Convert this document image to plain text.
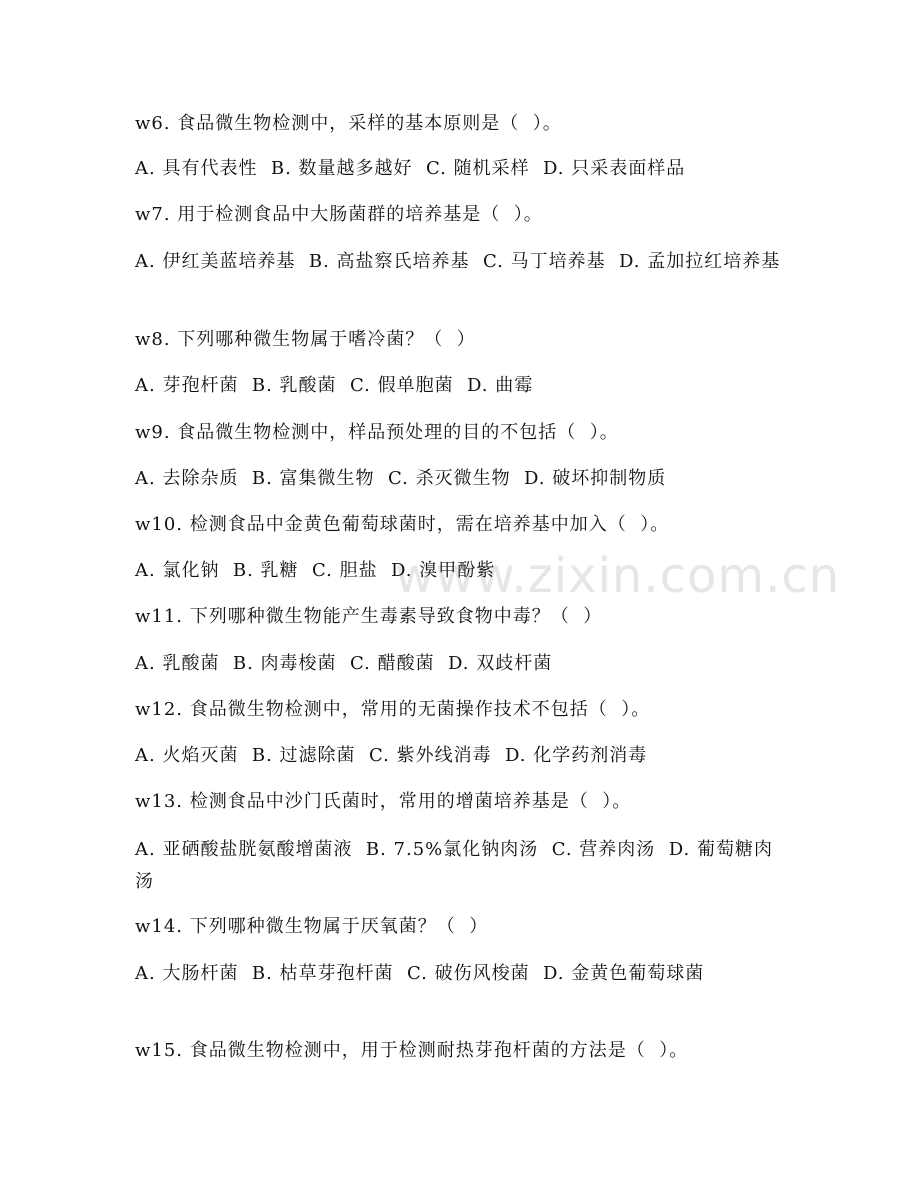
www.zixin.com.cn

w6. 食品微生物检测中，采样的基本原则是（  ）。

A. 具有代表性  B. 数量越多越好  C. 随机采样  D. 只采表面样品

w7. 用于检测食品中大肠菌群的培养基是（  ）。

A. 伊红美蓝培养基  B. 高盐察氏培养基  C. 马丁培养基  D. 孟加拉红培养基

w8. 下列哪种微生物属于嗜冷菌？（  ）

A. 芽孢杆菌  B. 乳酸菌  C. 假单胞菌  D. 曲霉

w9. 食品微生物检测中，样品预处理的目的不包括（  ）。

A. 去除杂质  B. 富集微生物  C. 杀灭微生物  D. 破坏抑制物质

w10. 检测食品中金黄色葡萄球菌时，需在培养基中加入（  ）。

A. 氯化钠  B. 乳糖  C. 胆盐  D. 溴甲酚紫

w11. 下列哪种微生物能产生毒素导致食物中毒？（  ）

A. 乳酸菌  B. 肉毒梭菌  C. 醋酸菌  D. 双歧杆菌

w12. 食品微生物检测中，常用的无菌操作技术不包括（  ）。

A. 火焰灭菌  B. 过滤除菌  C. 紫外线消毒  D. 化学药剂消毒

w13. 检测食品中沙门氏菌时，常用的增菌培养基是（  ）。

A. 亚硒酸盐胱氨酸增菌液  B. 7.5%氯化钠肉汤  C. 营养肉汤  D. 葡萄糖肉汤

w14. 下列哪种微生物属于厌氧菌？（  ）

A. 大肠杆菌  B. 枯草芽孢杆菌  C. 破伤风梭菌  D. 金黄色葡萄球菌

w15. 食品微生物检测中，用于检测耐热芽孢杆菌的方法是（  ）。
